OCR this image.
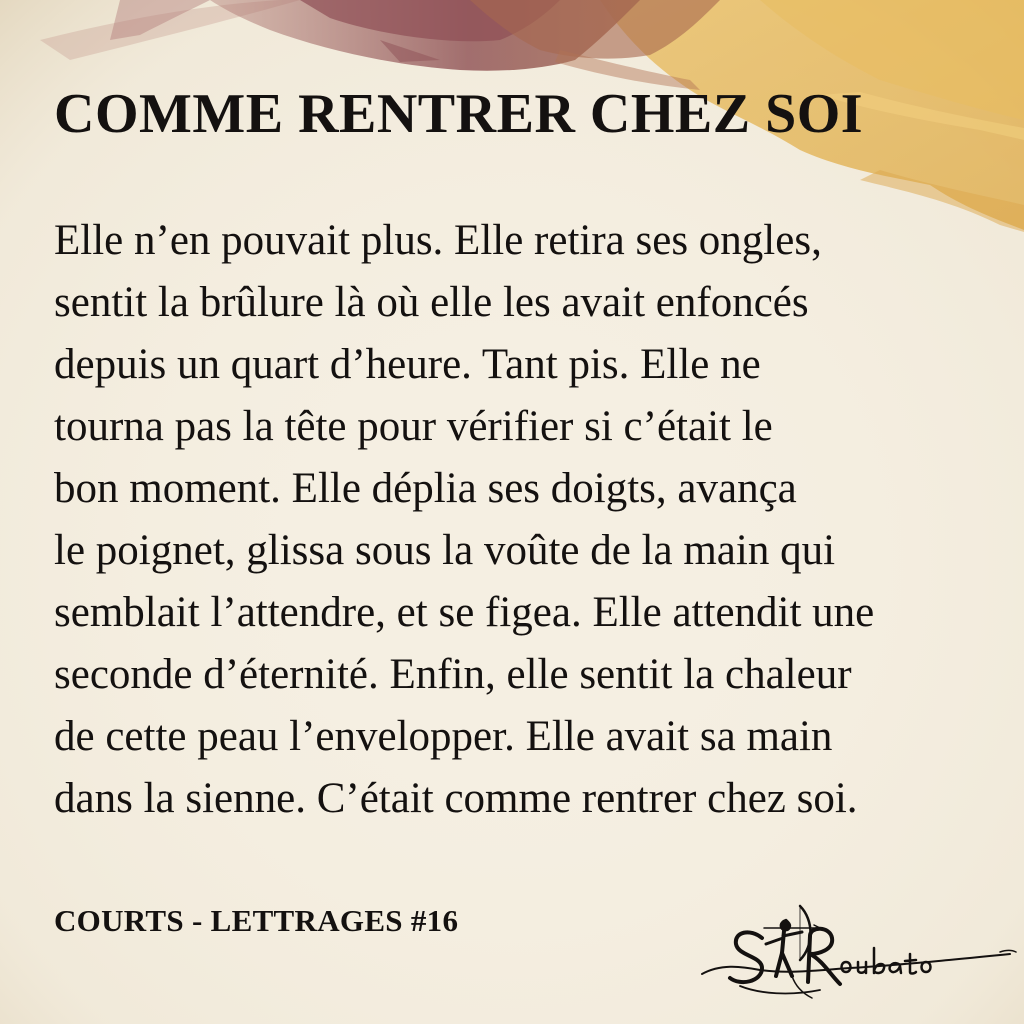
COMME RENTRER CHEZ SOI
Elle n’en pouvait plus. Elle retira ses ongles,
sentit la brûlure là où elle les avait enfoncés
depuis un quart d’heure. Tant pis. Elle ne
tourna pas la tête pour vérifier si c’était le
bon moment. Elle déplia ses doigts, avança
le poignet, glissa sous la voûte de la main qui
semblait l’attendre, et se figea. Elle attendit une
seconde d’éternité. Enfin, elle sentit la chaleur
de cette peau l’envelopper. Elle avait sa main
dans la sienne. C’était comme rentrer chez soi.

COURTS - LETTRAGES #16
